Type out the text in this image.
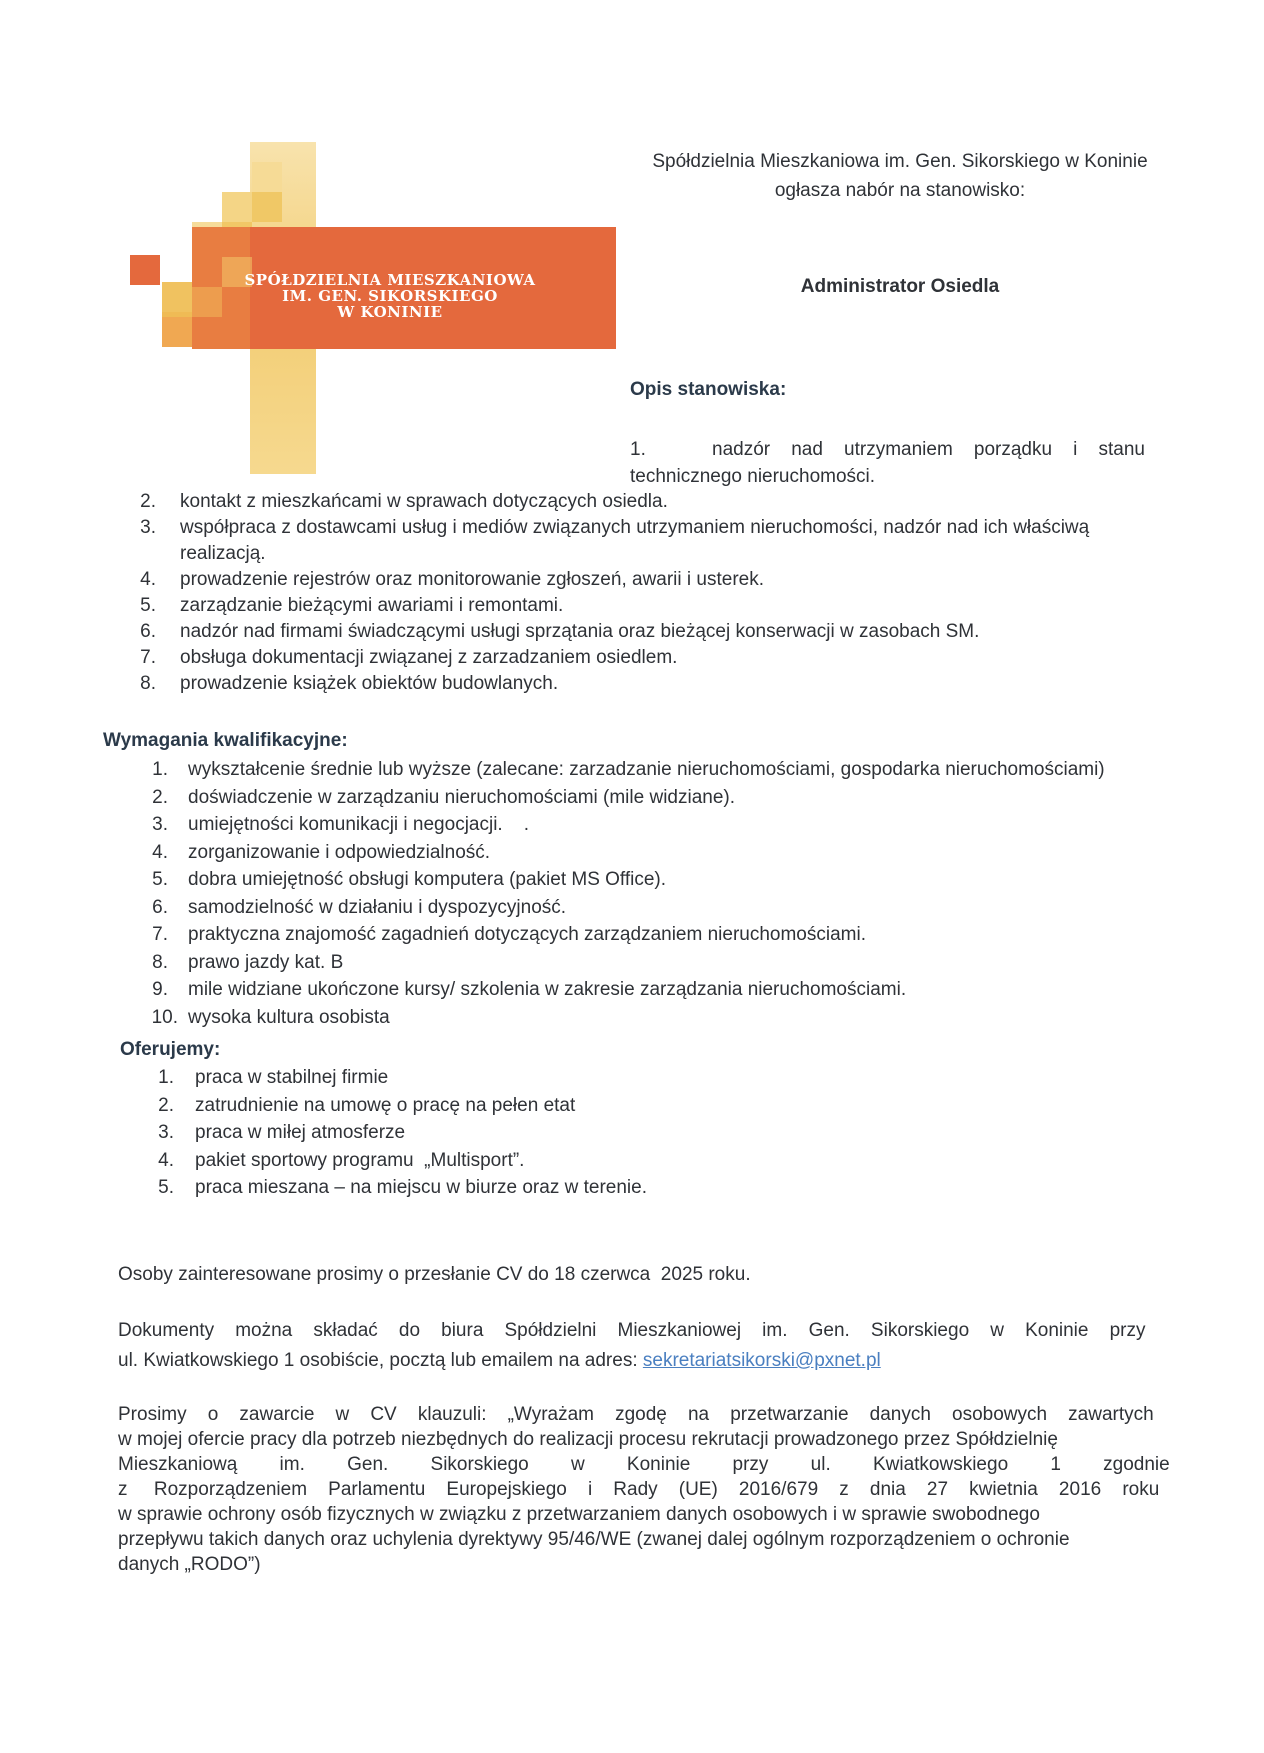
SPÓŁDZIELNIA MIESZKANIOWA
IM. GEN. SIKORSKIEGO
W KONINIE
Spółdzielnia Mieszkaniowa im. Gen. Sikorskiego w Koninie
ogłasza nabór na stanowisko:
Administrator Osiedla
Opis stanowiska:
1.	nadzór    nad    utrzymaniem    porządku    i    stanu
technicznego nieruchomości.
2. kontakt z mieszkańcami w sprawach dotyczących osiedla.
3. współpraca z dostawcami usług i mediów związanych utrzymaniem nieruchomości, nadzór nad ich właściwą
realizacją.
4. prowadzenie rejestrów oraz monitorowanie zgłoszeń, awarii i usterek.
5. zarządzanie bieżącymi awariami i remontami.
6. nadzór nad firmami świadczącymi usługi sprzątania oraz bieżącej konserwacji w zasobach SM.
7. obsługa dokumentacji związanej z zarzadzaniem osiedlem.
8. prowadzenie książek obiektów budowlanych.
Wymagania kwalifikacyjne:
1. wykształcenie średnie lub wyższe (zalecane: zarzadzanie nieruchomościami, gospodarka nieruchomościami)
2. doświadczenie w zarządzaniu nieruchomościami (mile widziane).
3. umiejętności komunikacji i negocjacji.    .
4. zorganizowanie i odpowiedzialność.
5. dobra umiejętność obsługi komputera (pakiet MS Office).
6. samodzielność w działaniu i dyspozycyjność.
7. praktyczna znajomość zagadnień dotyczących zarządzaniem nieruchomościami.
8. prawo jazdy kat. B
9. mile widziane ukończone kursy/ szkolenia w zakresie zarządzania nieruchomościami.
10. wysoka kultura osobista
Oferujemy:
1. praca w stabilnej firmie
2. zatrudnienie na umowę o pracę na pełen etat
3. praca w miłej atmosferze
4. pakiet sportowy programu  „Multisport”.
5. praca mieszana – na miejscu w biurze oraz w terenie.
Osoby zainteresowane prosimy o przesłanie CV do 18 czerwca  2025 roku.
Dokumenty    można    składać    do    biura    Spółdzielni    Mieszkaniowej    im.    Gen.    Sikorskiego    w    Koninie    przy
ul. Kwiatkowskiego 1 osobiście, pocztą lub emailem na adres: sekretariatsikorski@pxnet.pl
Prosimy    o    zawarcie    w    CV    klauzuli:    „Wyrażam    zgodę    na    przetwarzanie    danych    osobowych    zawartych
w mojej ofercie pracy dla potrzeb niezbędnych do realizacji procesu rekrutacji prowadzonego przez Spółdzielnię
Mieszkaniową        im.        Gen.        Sikorskiego        w        Koninie        przy        ul.        Kwiatkowskiego        1        zgodnie
z     Rozporządzeniem    Parlamentu    Europejskiego    i    Rady    (UE)    2016/679    z    dnia    27    kwietnia    2016    roku
w sprawie ochrony osób fizycznych w związku z przetwarzaniem danych osobowych i w sprawie swobodnego
przepływu takich danych oraz uchylenia dyrektywy 95/46/WE (zwanej dalej ogólnym rozporządzeniem o ochronie
danych „RODO”)
